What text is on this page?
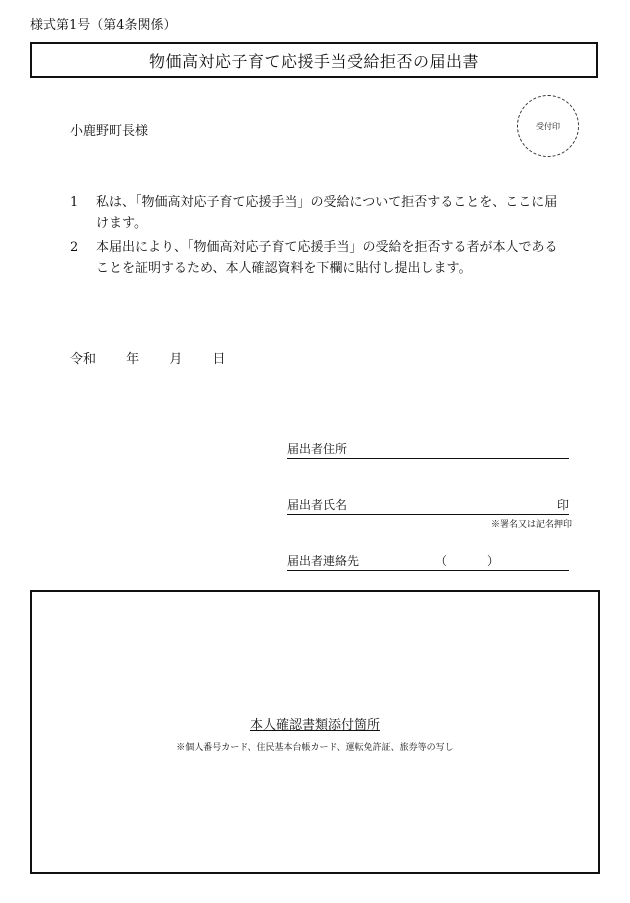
様式第1号（第4条関係）
物価高対応子育て応援手当受給拒否の届出書
小鹿野町長様	受付印
1	私は、「物価高対応子育て応援手当」の受給について拒否することを、ここに届けます。
2	本届出により、「物価高対応子育て応援手当」の受給を拒否する者が本人であることを証明するため、本人確認資料を下欄に貼付し提出します。
令和 年 月 日
届出者住所
届出者氏名	印
※署名又は記名押印
届出者連絡先	（	）
本人確認書類添付箇所
※個人番号カード、住民基本台帳カード、運転免許証、旅券等の写し
